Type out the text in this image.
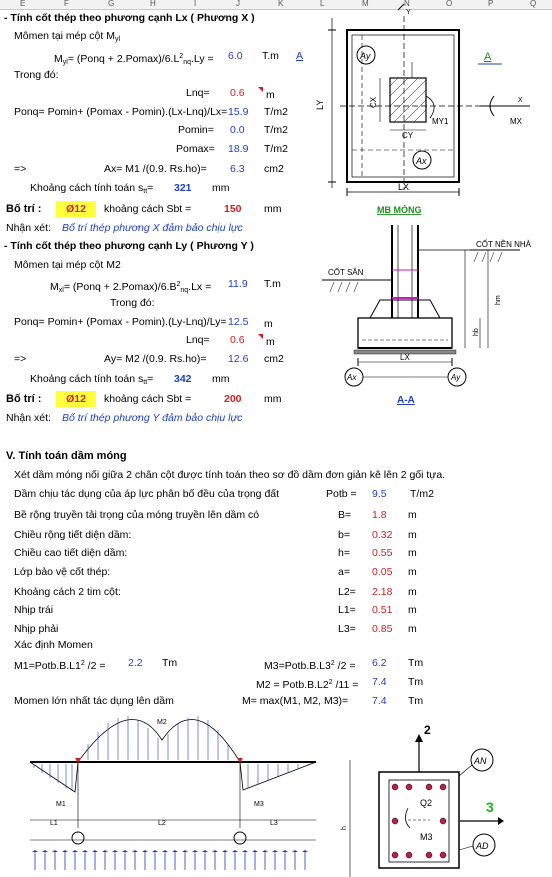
E	F	G	H	I	J	K	L	M	N	O	P	Q
- Tính cốt thép theo phương cạnh Lx ( Phương X )
Mômen tại mép cột $M_{yl}$
$M_{yl}=$ (Ponq + $2.Pomax)/6.L^2_{nq}.Ly = 6.0$ T.m A
Trong đó:
Lnq= 0.6 m
Ponq= Pomin+ (Pomax - Pomin).(Lx-Lnq)/Lx= 15.9 T/m2
Pomin= 0.0 T/m2
Pomax= 18.9 T/m2
=>	Ax= M1 /(0.9. Rs.ho)= 6.3 cm2
Khoảng cách tính toán $s_{tt}= 321$ mm
Bố trí :	Ø12	khoảng cách Sbt =	150 mm
Nhận xét: Bố trí thép phương X đảm bảo chịu lực
- Tính cốt thép theo phương cạnh Ly ( Phương Y )
Mômen tại mép cột M2
$M_{xl}=$ (Ponq + $2.Pomax)/6.B^2_{nq}.Lx = 11.9$ T.m
Trong đó:
Ponq= Pomin+ (Pomax - Pomin).(Ly-Lnq)/Ly= 12.5 m
Lnq= 0.6 m
=>	Ay= M2 /(0.9. Rs.ho)= 12.6 cm2
Khoảng cách tính toán $s_{tt}= 342$ mm
Bố trí :	Ø12	khoảng cách Sbt =	200 mm
Nhận xét: Bố trí thép phương Y đảm bảo chịu lực
V. Tính toán dầm móng
Xét dầm móng nối giữa 2 chân cột được tính toán theo sơ đồ dầm đơn giản kê lên 2 gối tựa.
Dầm chịu tác dụng của áp lực phân bố đều của trọng đất	Potb = 9.5 T/m2
Bề rộng truyền tải trọng của móng truyền lên dầm có	B= 1.8 m
Chiều rộng tiết diện dầm:	b= 0.32 m
Chiều cao tiết diện dầm:	h= 0.55 m
Lớp bảo vệ cốt thép:	a= 0.05 m
Khoảng cách 2 tim cột:	L2= 2.18 m
Nhịp trái	L1= 0.51 m
Nhịp phải	L3= 0.85 m
Xác định Momen
$M1=Potb.B.L1^2$ /2 = 2.2 Tm	$M3=Potb.B.L3^2$ /2 = 6.2 Tm
$M2 = Potb.B.L2^2$ /11 = 7.4 Tm
Momen lớn nhất tác dụng lên dầm	M= max(M1, M2, M3)= 7.4 Tm
Ay
Ax
LX
LY	CX
CY
MY1	MX
X
Y
MB MÓNG
A
CỐT NỀN NHÀ
CỐT SÂN
hm
hb
LX
Ax	Ay
A-A
M2
M1	M3
L1	L2	L3
2
3
AN
AD
Q2
M3
h
